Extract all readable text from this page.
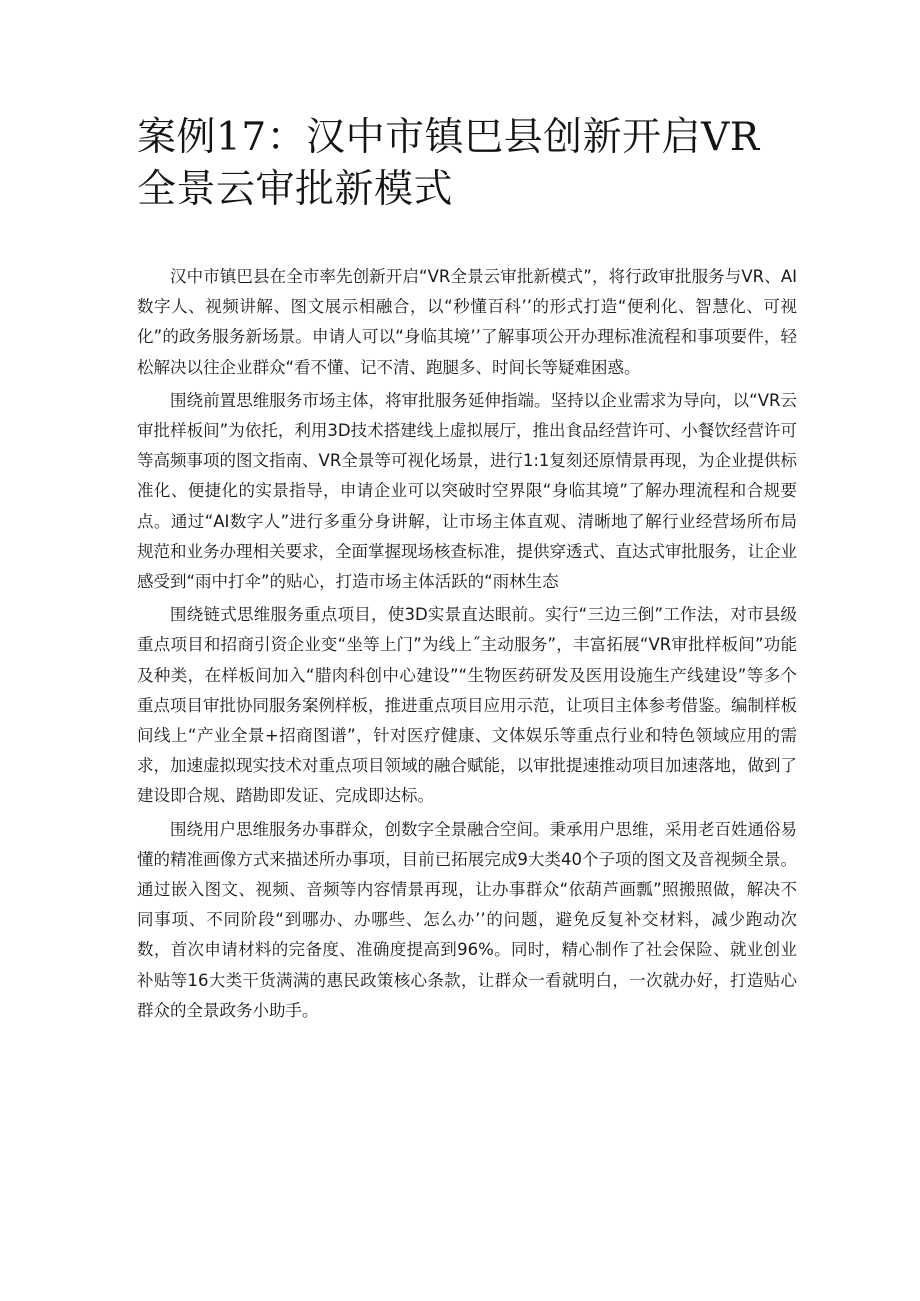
案例17：汉中市镇巴县创新开启VR全景云审批新模式

汉中市镇巴县在全市率先创新开启“VR全景云审批新模式”，将行政审批服务与VR、AI数字人、视频讲解、图文展示相融合，以“秒懂百科’’的形式打造“便利化、智慧化、可视化”的政务服务新场景。申请人可以“身临其境’’了解事项公开办理标准流程和事项要件，轻松解决以往企业群众“看不懂、记不清、跑腿多、时间长等疑难困惑。

围绕前置思维服务市场主体，将审批服务延伸指端。坚持以企业需求为导向，以“VR云审批样板间”为依托，利用3D技术搭建线上虚拟展厅，推出食品经营许可、小餐饮经营许可等高频事项的图文指南、VR全景等可视化场景，进行1:1复刻还原情景再现，为企业提供标准化、便捷化的实景指导，申请企业可以突破时空界限“身临其境”了解办理流程和合规要点。通过“AI数字人”进行多重分身讲解，让市场主体直观、清晰地了解行业经营场所布局规范和业务办理相关要求，全面掌握现场核查标准，提供穿透式、直达式审批服务，让企业感受到“雨中打伞”的贴心，打造市场主体活跃的“雨林生态

围绕链式思维服务重点项目，使3D实景直达眼前。实行“三边三倒”工作法，对市县级重点项目和招商引资企业变“坐等上门”为线上˝主动服务”，丰富拓展“VR审批样板间”功能及种类，在样板间加入“腊肉科创中心建设”“生物医药研发及医用设施生产线建设”等多个重点项目审批协同服务案例样板，推进重点项目应用示范，让项目主体参考借鉴。编制样板间线上“产业全景+招商图谱”，针对医疗健康、文体娱乐等重点行业和特色领域应用的需求，加速虚拟现实技术对重点项目领域的融合赋能，以审批提速推动项目加速落地，做到了建设即合规、踏勘即发证、完成即达标。

围绕用户思维服务办事群众，创数字全景融合空间。秉承用户思维，采用老百姓通俗易懂的精准画像方式来描述所办事项，目前已拓展完成9大类40个子项的图文及音视频全景。通过嵌入图文、视频、音频等内容情景再现，让办事群众“依葫芦画瓢”照搬照做，解决不同事项、不同阶段“到哪办、办哪些、怎么办’’的问题，避免反复补交材料，减少跑动次数，首次申请材料的完备度、准确度提高到96%。同时，精心制作了社会保险、就业创业补贴等16大类干货满满的惠民政策核心条款，让群众一看就明白，一次就办好，打造贴心群众的全景政务小助手。
